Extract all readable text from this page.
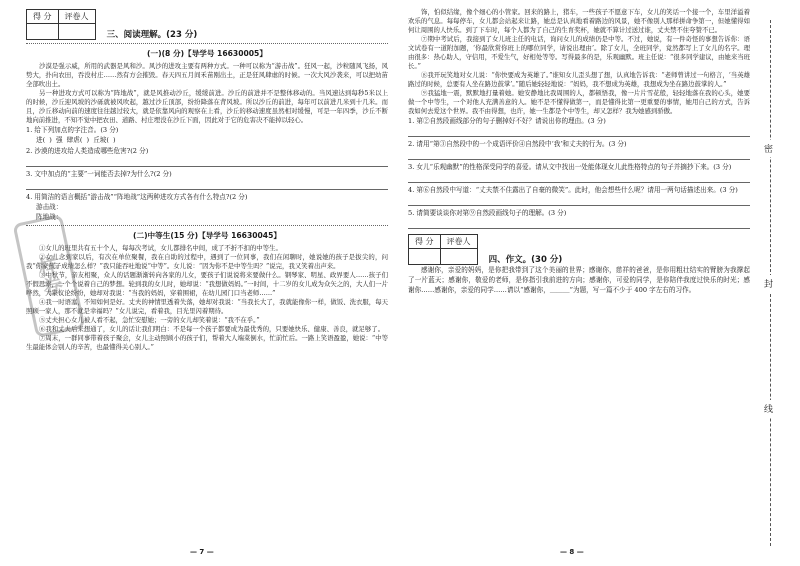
得 分	评卷人
	三、阅读理解。(23 分)
(一)(8 分)【导学号 16630005】

沙漠是强示威，所用的武器是风和沙。风沙的进攻主要有两种方式。一种可以称为“游击战”。狂风一起，沙粒随风飞扬，风势大，扑向农田，吞没村庄……然有方会摧毁。春天四五月间禾苗刚出土，正是狂风肆虐的时候。一次大风沙袭来，可以把幼苗全部吹出土。

另一种进攻方式可以称为“阵地战”，就是风推动沙丘，缓缓前进。沙丘的前进并不是整体移动的。当风速达到每秒5米以上的时候，沙丘迎风坡的沙砾就被风吹起，越过沙丘顶部，纷纷降落在背风坡。所以沙丘的前进，每年可以前进几米到十几米。而且，沙丘移动向前的速度往往越过较大，就是依靠风向的观察在上看，沙丘的移动速度虽然相对缓慢，可是一年四季，沙丘不断地向前推进，不知不觉中把农田、道路、村庄埋没在沙丘下面，因此对于它的危害决不能掉以轻心。

1. 给下列加点的字注音。(3 分)
进( ) 强 肆虐( ) 丘坡( )
2. 沙漠的进攻给人类造成哪些危害?(2 分)
3. 文中加点的“主要”一词能否去掉?为什么?(2 分)
4. 用简洁的语言概括“游击战”“阵地战”这两种进攻方式各有什么特点?(2 分)
游击战：
阵地战：
(二)中等生(15 分)【导学号 16630045】

①女儿的班里共有五十个人，每每次考试，女儿都排名中间，成了不折不扣的中等生。

②女儿念到家以后，有次在单位聚餐，我在自助的过程中，遇到了一位同事，我们在闲聊时，她说她的孩子是拔尖的，问我“你家孩子成绩怎么样？”我只能吞吐地说“中等”。女儿说：“因为你不是中等生吗？”说完，我又笑着出声来。

③中秋节，亲友相聚，众人的话题渐渐转向各家的儿女，要孩子们说说将来要做什么。钢琴家、明星、政界要人……孩子们不假思索，一个个说着自己的梦想。轮到我的女儿时，她却说：“我想做妈妈。”一时间，十二岁的女儿成为众矢之的，大人们一片哗然，大家议论纷纷，她却对我说：“当我的妈妈，穿着围裙，在幼儿园门口当老师……”

④我一时语塞，不知如何是好。丈夫的神情里透着失落，她却对我说：“当我长大了，我就能像你一样，做饭、洗衣服，每天照顾一家人，那不就是幸福吗？”女儿说完，看着我，目光里闪着期待。

⑤丈夫担心女儿被人看不起，急忙安慰她；一旁的女儿却笑着说：“我不在乎。”

⑥我和丈夫后来想通了，女儿的话让我们明白：不是每一个孩子都要成为最优秀的，只要她快乐、健康、善良，就足够了。

⑦周末，一群同事带着孩子聚会，女儿主动照顾小的孩子们，帮着大人端菜倒水，忙前忙后。一路上笑语盈盈，她说：“中等生最能体会别人的辛苦，也最懂得关心别人。”

样卷
— 7 —

饰，怕似结缘，像个细心的小管家。回来的路上，猪车，一些孩子不愿意下车，女儿的笑话一个接一个，车里洋溢着欢乐的气息。每每停车，女儿都会站起来让路，她总是认真地看着路边的风景，她不像别人那样拼命争第一，但她懂得如何让周围的人快乐。到了下车时，每个人都为了自己的生育奖杯，她就不算计过送过谁，丈夫禁不住夸赞不已。

⑦期中考试后，我接到了女儿班主任的电话，询问女儿的成绩仍是中等。不过，她说，有一件奇怪的事想告诉你：语文试卷有一道附加题，‘你最欣赏你班上的哪位同学，请说出理由’。除了女儿，全班同学，竟然都写上了女儿的名字。理由很多：热心助人，守信用，不爱生气，好相处等等。写得最多的是，乐观幽默。班主任说：“很多同学建议，由她来当班长。”

⑧我开玩笑地对女儿说：“你快要成为英雄了。”谁知女儿歪头想了想，认真地告诉我：“老师曾讲过一句格言，‘当英雄路过的时候，总要有人坐在路边鼓掌’。”随后她轻轻地说：“妈妈，我不想成为英雄，我想成为坐在路边鼓掌的人。”

⑨我猛地一震，默默地打量着她。她安静地比我周围的人，都顿悟我，像一片片雪花般，轻轻地落在我的心头，她要做一个中等生，一个对他人充满善意的人。她不是不懂得做第一，而是懂得比第一更重要的事情，她用自己的方式，告诉我如何去爱这个世界。我不由得想，也许，她一生都是个中等生，却又怎样？我为她感到骄傲。

1. 第②自然段画线部分的句子删掉好不好？请说出你的理由。(3 分)
2. 请用“第③自然段中的一个成语评价④自然段中‘我’和丈夫的行为。(3 分)
3. 女儿“乐观幽默”的性格深受同学的喜爱。请从文中找出一处能体现女儿此性格特点的句子并摘抄下来。(3 分)
4. 第⑥自然段中写道：“丈夫禁不住露出了自豪的微笑”。此时，他会想些什么呢？请用一两句话描述出来。(3 分)
5. 请简要谈谈你对第⑨自然段画线句子的理解。(3 分)
得 分	评卷人
	四、作文。(30 分)

感谢你，亲爱的妈妈，是你把我带到了这个美丽的世界；感谢你，慈祥的爸爸，是你用粗壮结实的臂膀为我撑起了一片蓝天；感谢你，敬爱的老师，是你指引我前进的方向；感谢你，可爱的同学，是你陪伴我度过快乐的时光；感谢你……感谢你，亲爱的同学……请以“感谢你，＿＿＿”为题，写一篇不少于 400 字左右的习作。

密
封
线
— 8 —
